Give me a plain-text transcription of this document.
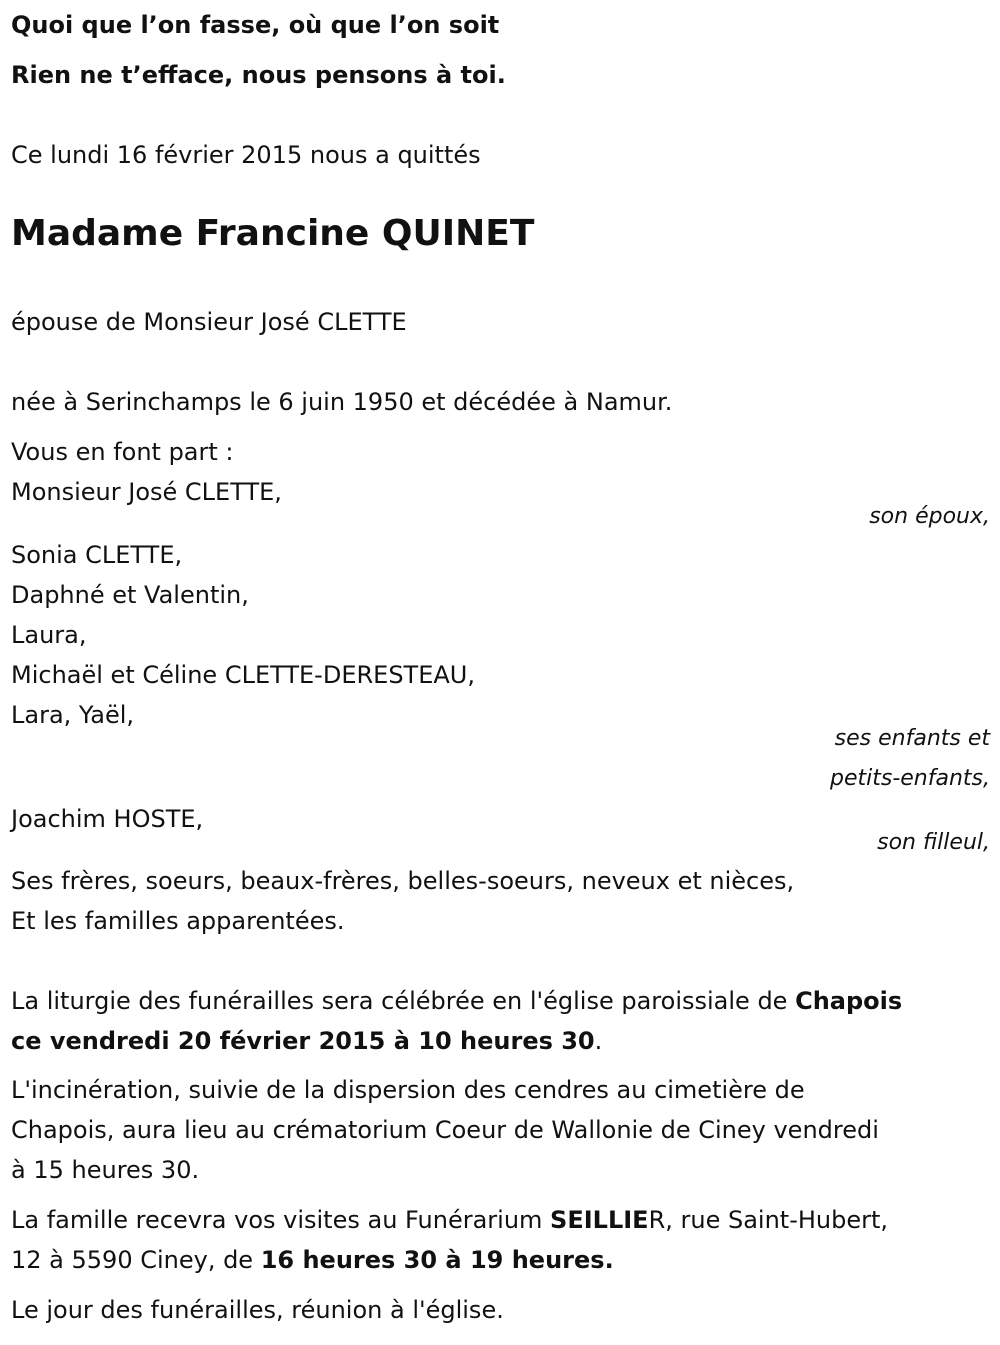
Quoi que l’on fasse, où que l’on soit
Rien ne t’efface, nous pensons à toi.
Ce lundi 16 février 2015 nous a quittés
Madame Francine QUINET
épouse de Monsieur José CLETTE
née à Serinchamps le 6 juin 1950 et décédée à Namur.
Vous en font part :
Monsieur José CLETTE,
son époux,
Sonia CLETTE,
Daphné et Valentin,
Laura,
Michaël et Céline CLETTE-DERESTEAU,
Lara, Yaël,
ses enfants et
petits-enfants,
Joachim HOSTE,
son filleul,
Ses frères, soeurs, beaux-frères, belles-soeurs, neveux et nièces,
Et les familles apparentées.
La liturgie des funérailles sera célébrée en l'église paroissiale de Chapois
ce vendredi 20 février 2015 à 10 heures 30.
L'incinération, suivie de la dispersion des cendres au cimetière de
Chapois, aura lieu au crématorium Coeur de Wallonie de Ciney vendredi
à 15 heures 30.
La famille recevra vos visites au Funérarium SEILLIER, rue Saint-Hubert,
12 à 5590 Ciney, de 16 heures 30 à 19 heures.
Le jour des funérailles, réunion à l'église.
